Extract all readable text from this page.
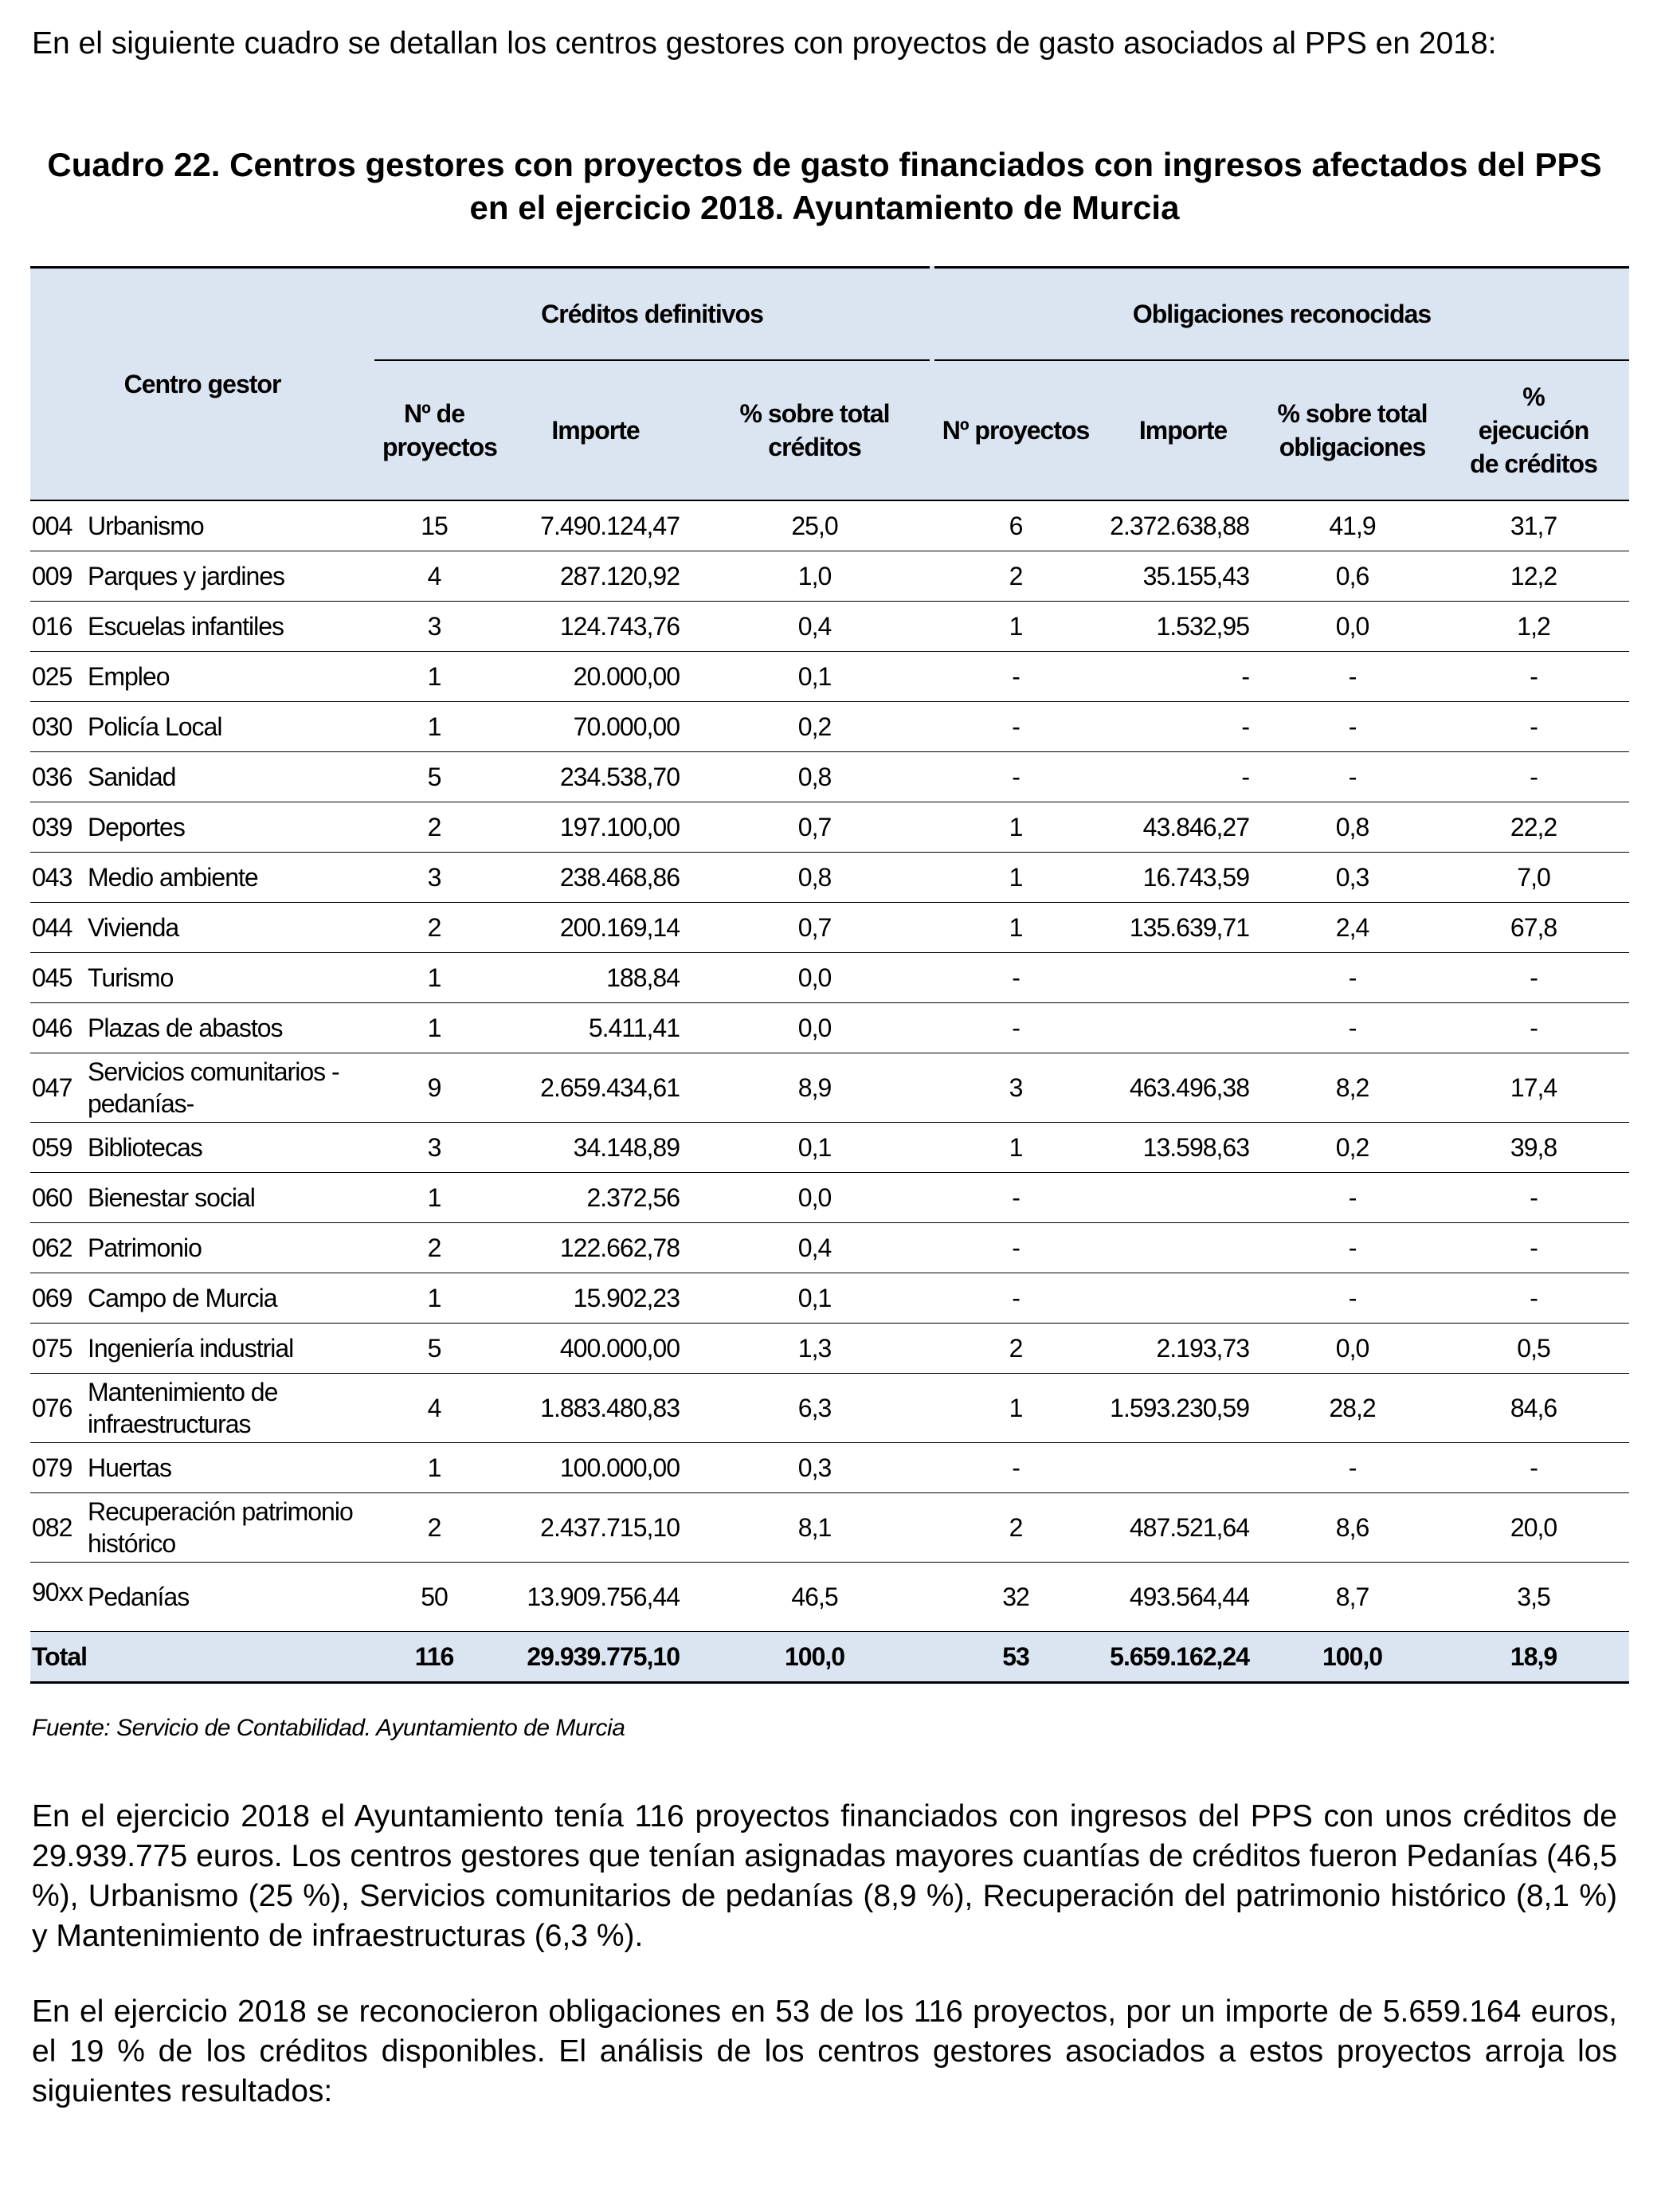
En el siguiente cuadro se detallan los centros gestores con proyectos de gasto asociados al PPS en 2018:

Cuadro 22. Centros gestores con proyectos de gasto financiados con ingresos afectados del PPS en el ejercicio 2018. Ayuntamiento de Murcia

Centro gestor	Créditos definitivos			Obligaciones reconocidas			
	Nº de proyectos	Importe	% sobre total créditos	Nº proyectos	Importe	% sobre total obligaciones	% ejecución de créditos

004 Urbanismo	15	7.490.124,47	25,0	6	2.372.638,88	41,9	31,7

009 Parques y jardines	4	287.120,92	1,0	2	35.155,43	0,6	12,2

016 Escuelas infantiles	3	124.743,76	0,4	1	1.532,95	0,0	1,2

025 Empleo	1	20.000,00	0,1	-	-	-	-

030 Policía Local	1	70.000,00	0,2	-	-	-	-

036 Sanidad	5	234.538,70	0,8	-	-	-	-

039 Deportes	2	197.100,00	0,7	1	43.846,27	0,8	22,2

043 Medio ambiente	3	238.468,86	0,8	1	16.743,59	0,3	7,0

044 Vivienda	2	200.169,14	0,7	1	135.639,71	2,4	67,8

045 Turismo	1	188,84	0,0	-		-	-

046 Plazas de abastos	1	5.411,41	0,0	-		-	-

047
Servicios comunitarios -pedanías-	9	2.659.434,61	8,9	3	463.496,38	8,2	17,4

059 Bibliotecas	3	34.148,89	0,1	1	13.598,63	0,2	39,8

060 Bienestar social	1	2.372,56	0,0	-		-	-

062 Patrimonio	2	122.662,78	0,4	-		-	-

069 Campo de Murcia	1	15.902,23	0,1	-		-	-

075 Ingeniería industrial	5	400.000,00	1,3	2	2.193,73	0,0	0,5

076
Mantenimiento de infraestructuras	4	1.883.480,83	6,3	1	1.593.230,59	28,2	84,6

079 Huertas	1	100.000,00	0,3	-		-	-

082
Recuperación patrimonio histórico	2	2.437.715,10	8,1	2	487.521,64	8,6	20,0

90xx Pedanías	50	13.909.756,44	46,5	32	493.564,44	8,7	3,5
Total	116	29.939.775,10	100,0	53	5.659.162,24	100,0	18,9
Fuente: Servicio de Contabilidad. Ayuntamiento de Murcia

En el ejercicio 2018 el Ayuntamiento tenía 116 proyectos financiados con ingresos del PPS con unos créditos de 29.939.775 euros. Los centros gestores que tenían asignadas mayores cuantías de créditos fueron Pedanías (46,5 %), Urbanismo (25 %), Servicios comunitarios de pedanías (8,9 %), Recuperación del patrimonio histórico (8,1 %) y Mantenimiento de infraestructuras (6,3 %).

En el ejercicio 2018 se reconocieron obligaciones en 53 de los 116 proyectos, por un importe de 5.659.164 euros, el 19 % de los créditos disponibles. El análisis de los centros gestores asociados a estos proyectos arroja los siguientes resultados:
